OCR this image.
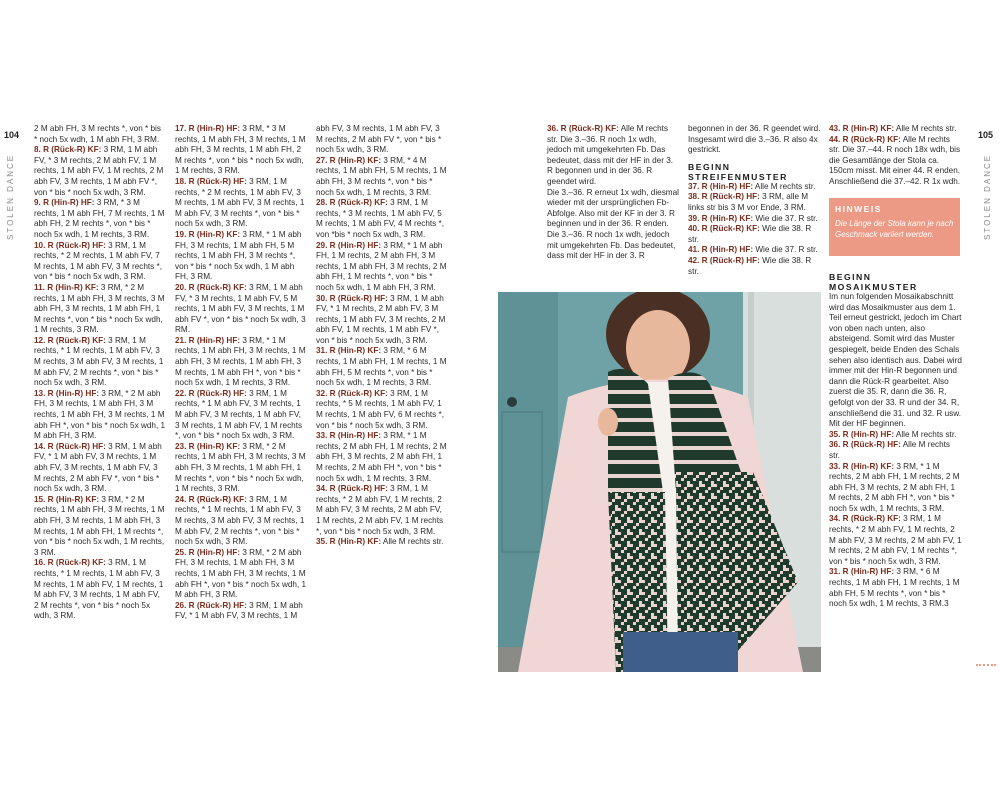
104
STOLEN DANCE
105
STOLEN DANCE

2 M abh FH, 3 M rechts *, von * bis * noch 5x wdh, 1 M abh FH, 3 RM.

8. R (Rück-R) KF: 3 RM, 1 M abh FV, * 3 M rechts, 2 M abh FV, 1 M rechts, 1 M abh FV, 1 M rechts, 2 M abh FV, 3 M rechts, 1 M abh FV *, von * bis * noch 5x wdh, 3 RM.

9. R (Hin-R) HF: 3 RM, * 3 M rechts, 1 M abh FH, 7 M rechts, 1 M abh FH, 2 M rechts *, von * bis * noch 5x wdh, 1 M rechts, 3 RM.

10. R (Rück-R) HF: 3 RM, 1 M rechts, * 2 M rechts, 1 M abh FV, 7 M rechts, 1 M abh FV, 3 M rechts *, von * bis * noch 5x wdh, 3 RM.

11. R (Hin-R) KF: 3 RM, * 2 M rechts, 1 M abh FH, 3 M rechts, 3 M abh FH, 3 M rechts, 1 M abh FH, 1 M rechts *, von * bis * noch 5x wdh, 1 M rechts, 3 RM.

12. R (Rück-R) KF: 3 RM, 1 M rechts, * 1 M rechts, 1 M abh FV, 3 M rechts, 3 M abh FV, 3 M rechts, 1 M abh FV, 2 M rechts *, von * bis * noch 5x wdh, 3 RM.

13. R (Hin-R) HF: 3 RM, * 2 M abh FH, 3 M rechts, 1 M abh FH, 3 M rechts, 1 M abh FH, 3 M rechts, 1 M abh FH *, von * bis * noch 5x wdh, 1 M abh FH, 3 RM.

14. R (Rück-R) HF: 3 RM, 1 M abh FV, * 1 M abh FV, 3 M rechts, 1 M abh FV, 3 M rechts, 1 M abh FV, 3 M rechts, 2 M abh FV *, von * bis * noch 5x wdh, 3 RM.

15. R (Hin-R) KF: 3 RM, * 2 M rechts, 1 M abh FH, 3 M rechts, 1 M abh FH, 3 M rechts, 1 M abh FH, 3 M rechts, 1 M abh FH, 1 M rechts *, von * bis * noch 5x wdh, 1 M rechts, 3 RM.

16. R (Rück-R) KF: 3 RM, 1 M rechts, * 1 M rechts, 1 M abh FV, 3 M rechts, 1 M abh FV, 1 M rechts, 1 M abh FV, 3 M rechts, 1 M abh FV, 2 M rechts *, von * bis * noch 5x wdh, 3 RM.

17. R (Hin-R) HF: 3 RM, * 3 M rechts, 1 M abh FH, 3 M rechts, 1 M abh FH, 3 M rechts, 1 M abh FH, 2 M rechts *, von * bis * noch 5x wdh, 1 M rechts, 3 RM.

18. R (Rück-R) HF: 3 RM, 1 M rechts, * 2 M rechts, 1 M abh FV, 3 M rechts, 1 M abh FV, 3 M rechts, 1 M abh FV, 3 M rechts *, von * bis * noch 5x wdh, 3 RM.

19. R (Hin-R) KF: 3 RM, * 1 M abh FH, 3 M rechts, 1 M abh FH, 5 M rechts, 1 M abh FH, 3 M rechts *, von * bis * noch 5x wdh, 1 M abh FH, 3 RM.

20. R (Rück-R) KF: 3 RM, 1 M abh FV, * 3 M rechts, 1 M abh FV, 5 M rechts, 1 M abh FV, 3 M rechts, 1 M abh FV *, von * bis * noch 5x wdh, 3 RM.

21. R (Hin-R) HF: 3 RM, * 1 M rechts, 1 M abh FH, 3 M rechts, 1 M abh FH, 3 M rechts, 1 M abh FH, 3 M rechts, 1 M abh FH *, von * bis * noch 5x wdh, 1 M rechts, 3 RM.

22. R (Rück-R) HF: 3 RM, 1 M rechts, * 1 M abh FV, 3 M rechts, 1 M abh FV, 3 M rechts, 1 M abh FV, 3 M rechts, 1 M abh FV, 1 M rechts *, von * bis * noch 5x wdh, 3 RM.

23. R (Hin-R) KF: 3 RM, * 2 M rechts, 1 M abh FH, 3 M rechts, 3 M abh FH, 3 M rechts, 1 M abh FH, 1 M rechts *, von * bis * noch 5x wdh, 1 M rechts, 3 RM.

24. R (Rück-R) KF: 3 RM, 1 M rechts, * 1 M rechts, 1 M abh FV, 3 M rechts, 3 M abh FV, 3 M rechts, 1 M abh FV, 2 M rechts *, von * bis * noch 5x wdh, 3 RM.

25. R (Hin-R) HF: 3 RM, * 2 M abh FH, 3 M rechts, 1 M abh FH, 3 M rechts, 1 M abh FH, 3 M rechts, 1 M abh FH *, von * bis * noch 5x wdh, 1 M abh FH, 3 RM.

26. R (Rück-R) HF: 3 RM, 1 M abh FV, * 1 M abh FV, 3 M rechts, 1 M

abh FV, 3 M rechts, 1 M abh FV, 3 M rechts, 2 M abh FV *, von * bis * noch 5x wdh, 3 RM.

27. R (Hin-R) KF: 3 RM, * 4 M rechts, 1 M abh FH, 5 M rechts, 1 M abh FH, 3 M rechts *, von * bis * noch 5x wdh, 1 M rechts, 3 RM.

28. R (Rück-R) KF: 3 RM, 1 M rechts, * 3 M rechts, 1 M abh FV, 5 M rechts, 1 M abh FV, 4 M rechts *, von *bis * noch 5x wdh, 3 RM.

29. R (Hin-R) HF: 3 RM, * 1 M abh FH, 1 M rechts, 2 M abh FH, 3 M rechts, 1 M abh FH, 3 M rechts, 2 M abh FH, 1 M rechts *, von * bis * noch 5x wdh, 1 M abh FH, 3 RM.

30. R (Rück-R) HF: 3 RM, 1 M abh FV, * 1 M rechts, 2 M abh FV, 3 M rechts, 1 M abh FV, 3 M rechts, 2 M abh FV, 1 M rechts, 1 M abh FV *, von * bis * noch 5x wdh, 3 RM.

31. R (Hin-R) KF: 3 RM, * 6 M rechts, 1 M abh FH, 1 M rechts, 1 M abh FH, 5 M rechts *, von * bis * noch 5x wdh, 1 M rechts, 3 RM.

32. R (Rück-R) KF: 3 RM, 1 M rechts, * 5 M rechts, 1 M abh FV, 1 M rechts, 1 M abh FV, 6 M rechts *, von * bis * noch 5x wdh, 3 RM.

33. R (Hin-R) HF: 3 RM, * 1 M rechts, 2 M abh FH, 1 M rechts, 2 M abh FH, 3 M rechts, 2 M abh FH, 1 M rechts, 2 M abh FH *, von * bis * noch 5x wdh, 1 M rechts, 3 RM.

34. R (Rück-R) HF: 3 RM, 1 M rechts, * 2 M abh FV, 1 M rechts, 2 M abh FV, 3 M rechts, 2 M abh FV, 1 M rechts, 2 M abh FV, 1 M rechts *, von * bis * noch 5x wdh, 3 RM.

35. R (Hin-R) KF: Alle M rechts str.

36. R (Rück-R) KF: Alle M rechts str. Die 3.–36. R noch 1x wdh, jedoch mit umgekehrten Fb. Das bedeutet, dass mit der HF in der 3. R begonnen und in der 36. R geendet wird.

Die 3.–36. R erneut 1x wdh, diesmal wieder mit der ursprünglichen Fb-Abfolge. Also mit der KF in der 3. R beginnen und in der 36. R enden.

Die 3.–36. R noch 1x wdh, jedoch mit umgekehrten Fb. Das bedeutet, dass mit der HF in der 3. R

begonnen in der 36. R geendet wird. Insgesamt wird die 3.–36. R also 4x gestrickt.

BEGINN STREIFENMUSTER

37. R (Hin-R) HF: Alle M rechts str.

38. R (Rück-R) HF: 3 RM, alle M links str bis 3 M vor Ende, 3 RM.

39. R (Hin-R) KF: Wie die 37. R str.

40. R (Rück-R) KF: Wie die 38. R str.

41. R (Hin-R) HF: Wie die 37. R str.

42. R (Rück-R) HF: Wie die 38. R str.

43. R (Hin-R) KF: Alle M rechts str.

44. R (Rück-R) KF: Alle M rechts str. Die 37.–44. R noch 18x wdh, bis die Gesamtlänge der Stola ca. 150cm misst. Mit einer 44. R enden. Anschließend die 37.–42. R 1x wdh.

HINWEIS
Die Länge der Stola kann je nach Geschmack variiert werden.
BEGINN MOSAIKMUSTER

Im nun folgenden Mosaikabschnitt wird das Mosaikmuster aus dem 1. Teil erneut gestrickt, jedoch im Chart von oben nach unten, also absteigend. Somit wird das Muster gespiegelt, beide Enden des Schals sehen also identisch aus. Dabei wird immer mit der Hin-R begonnen und dann die Rück-R gearbeitet. Also zuerst die 35. R, dann die 36. R, gefolgt von der 33. R und der 34. R, anschließend die 31. und 32. R usw. Mit der HF beginnen.

35. R (Hin-R) HF: Alle M rechts str.

36. R (Rück-R) HF: Alle M rechts str.

33. R (Hin-R) KF: 3 RM, * 1 M rechts, 2 M abh FH, 1 M rechts, 2 M abh FH, 3 M rechts, 2 M abh FH, 1 M rechts, 2 M abh FH *, von * bis * noch 5x wdh, 1 M rechts, 3 RM.

34. R (Rück-R) KF: 3 RM, 1 M rechts, * 2 M abh FV, 1 M rechts, 2 M abh FV, 3 M rechts, 2 M abh FV, 1 M rechts, 2 M abh FV, 1 M rechts *, von * bis * noch 5x wdh, 3 RM.

31. R (Hin-R) HF: 3 RM, * 6 M rechts, 1 M abh FH, 1 M rechts, 1 M abh FH, 5 M rechts *, von * bis * noch 5x wdh, 1 M rechts, 3 RM.3
